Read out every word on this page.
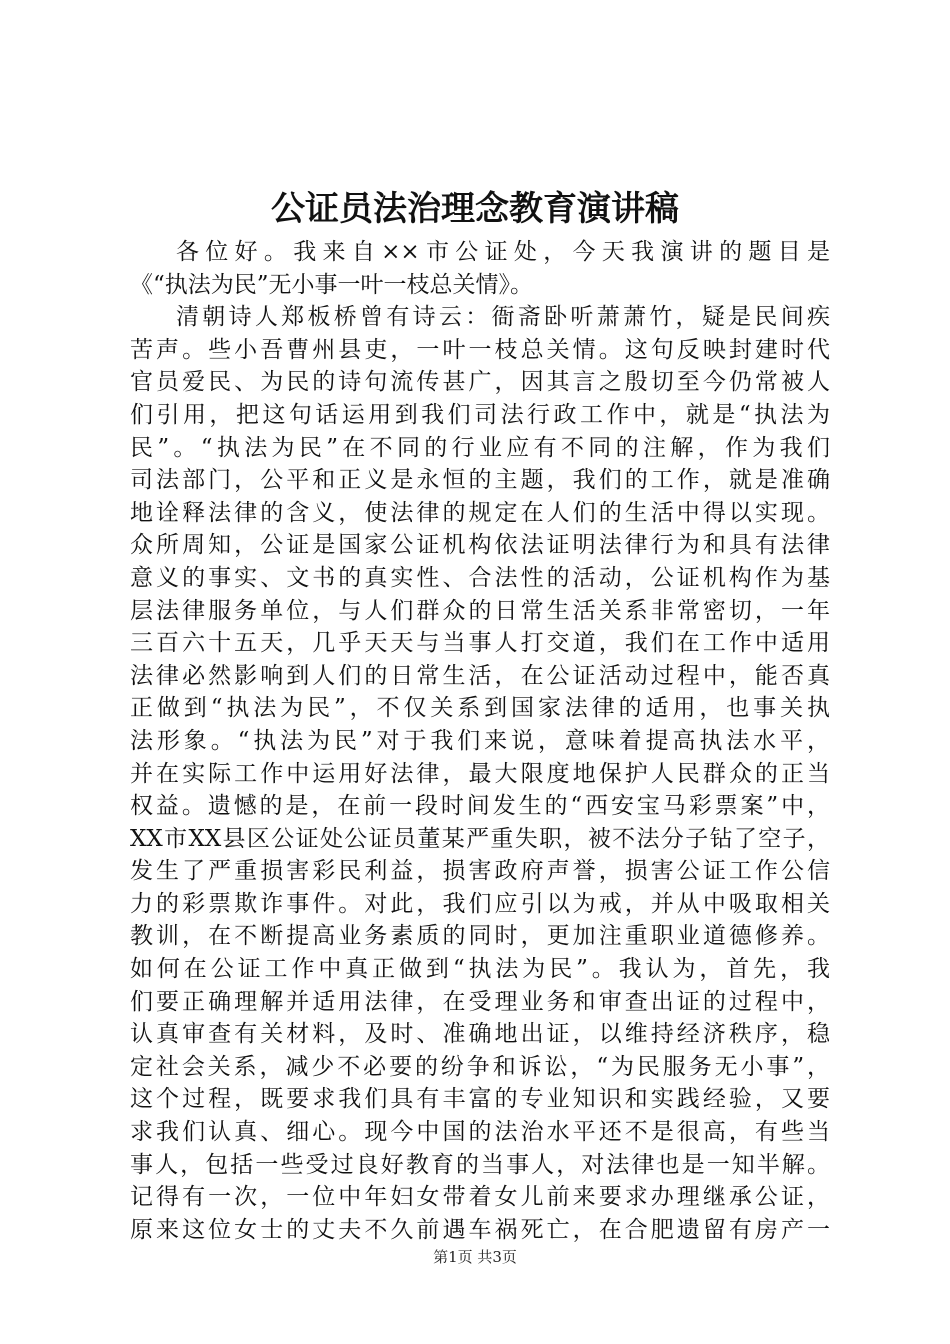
公证员法治理念教育演讲稿
各位好。我来自××市公证处，今天我演讲的题目是
《“执法为民”无小事一叶一枝总关情》。
清朝诗人郑板桥曾有诗云：衙斋卧听萧萧竹，疑是民间疾
苦声。些小吾曹州县吏，一叶一枝总关情。这句反映封建时代
官员爱民、为民的诗句流传甚广，因其言之殷切至今仍常被人
们引用，把这句话运用到我们司法行政工作中，就是“执法为
民”。“执法为民”在不同的行业应有不同的注解，作为我们
司法部门，公平和正义是永恒的主题，我们的工作，就是准确
地诠释法律的含义，使法律的规定在人们的生活中得以实现。
众所周知，公证是国家公证机构依法证明法律行为和具有法律
意义的事实、文书的真实性、合法性的活动，公证机构作为基
层法律服务单位，与人们群众的日常生活关系非常密切，一年
三百六十五天，几乎天天与当事人打交道，我们在工作中适用
法律必然影响到人们的日常生活，在公证活动过程中，能否真
正做到“执法为民”，不仅关系到国家法律的适用，也事关执
法形象。“执法为民”对于我们来说，意味着提高执法水平，
并在实际工作中运用好法律，最大限度地保护人民群众的正当
权益。遗憾的是，在前一段时间发生的“西安宝马彩票案”中，
XX市XX县区公证处公证员董某严重失职，被不法分子钻了空子，
发生了严重损害彩民利益，损害政府声誉，损害公证工作公信
力的彩票欺诈事件。对此，我们应引以为戒，并从中吸取相关
教训，在不断提高业务素质的同时，更加注重职业道德修养。
如何在公证工作中真正做到“执法为民”。我认为，首先，我
们要正确理解并适用法律，在受理业务和审查出证的过程中，
认真审查有关材料，及时、准确地出证，以维持经济秩序，稳
定社会关系，减少不必要的纷争和诉讼，“为民服务无小事”，
这个过程，既要求我们具有丰富的专业知识和实践经验，又要
求我们认真、细心。现今中国的法治水平还不是很高，有些当
事人，包括一些受过良好教育的当事人，对法律也是一知半解。
记得有一次，一位中年妇女带着女儿前来要求办理继承公证，
原来这位女士的丈夫不久前遇车祸死亡，在合肥遗留有房产一
第1页 共3页
